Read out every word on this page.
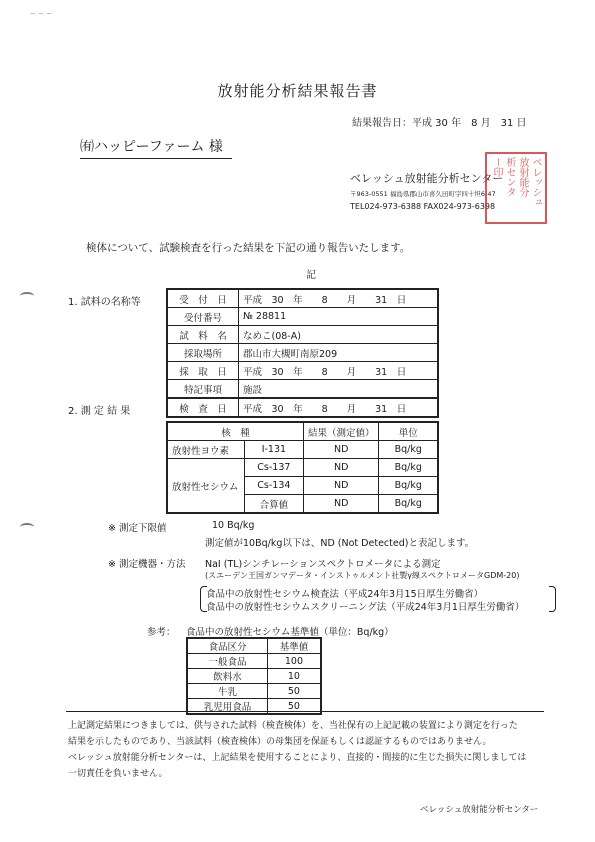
~ ~ ~
放射能分析結果報告書
結果報告日：平成 30 年　8 月　31 日
㈲ハッピーファーム 様
ベレッシュ放射能分析センター
〒963-0551 福島県郡山市喜久田町字四十坦6-47
TEL024-973-6388 FAX024-973-6398	ベレッシュ
放射能分
析センタ
ー印
検体について、試験検査を行った結果を下記の通り報告いたします。
記
1. 試料の名称等	受　付　日	平成　30　年　　8　　月　　31　日
受付番号	№ 28811
試　料　名	なめこ(08-A)
採取場所	郡山市大槻町南原209
採　取　日	平成　30　年　　8　　月　　31　日
特記事項	施設
2. 測 定 結 果	検　査　日	平成　30　年　　8　　月　　31　日
核　種		結果（測定値）	単位
放射性ヨウ素	I-131	ND	Bq/kg
放射性セシウム	Cs-137	ND	Bq/kg
	Cs-134	ND	Bq/kg
	合算値	ND	Bq/kg
※ 測定下限値	10 Bq/kg
測定値が10Bq/kg以下は、ND (Not Detected)と表記します。
※ 測定機器・方法 NaI (TL)シンチレーションスペクトロメータによる測定
(スエーデン王国ガンマデータ・インストゥルメント社製γ線スペクトロメータGDM-20)
食品中の放射性セシウム検査法（平成24年3月15日厚生労働省）
食品中の放射性セシウムスクリーニング法（平成24年3月1日厚生労働省）
参考： 食品中の放射性セシウム基準値（単位：Bq/kg）
食品区分	基準値
一般食品	100
飲料水	10
牛乳	50
乳児用食品	50
上記測定結果につきましては、供与された試料（検査検体）を、当社保有の上記記載の装置により測定を行った
結果を示したものであり、当該試料（検査検体）の母集団を保証もしくは認証するものではありません。
ベレッシュ放射能分析センターは、上記結果を使用することにより、直接的・間接的に生じた損失に関しましては
一切責任を負いません。
ベレッシュ放射能分析センター
